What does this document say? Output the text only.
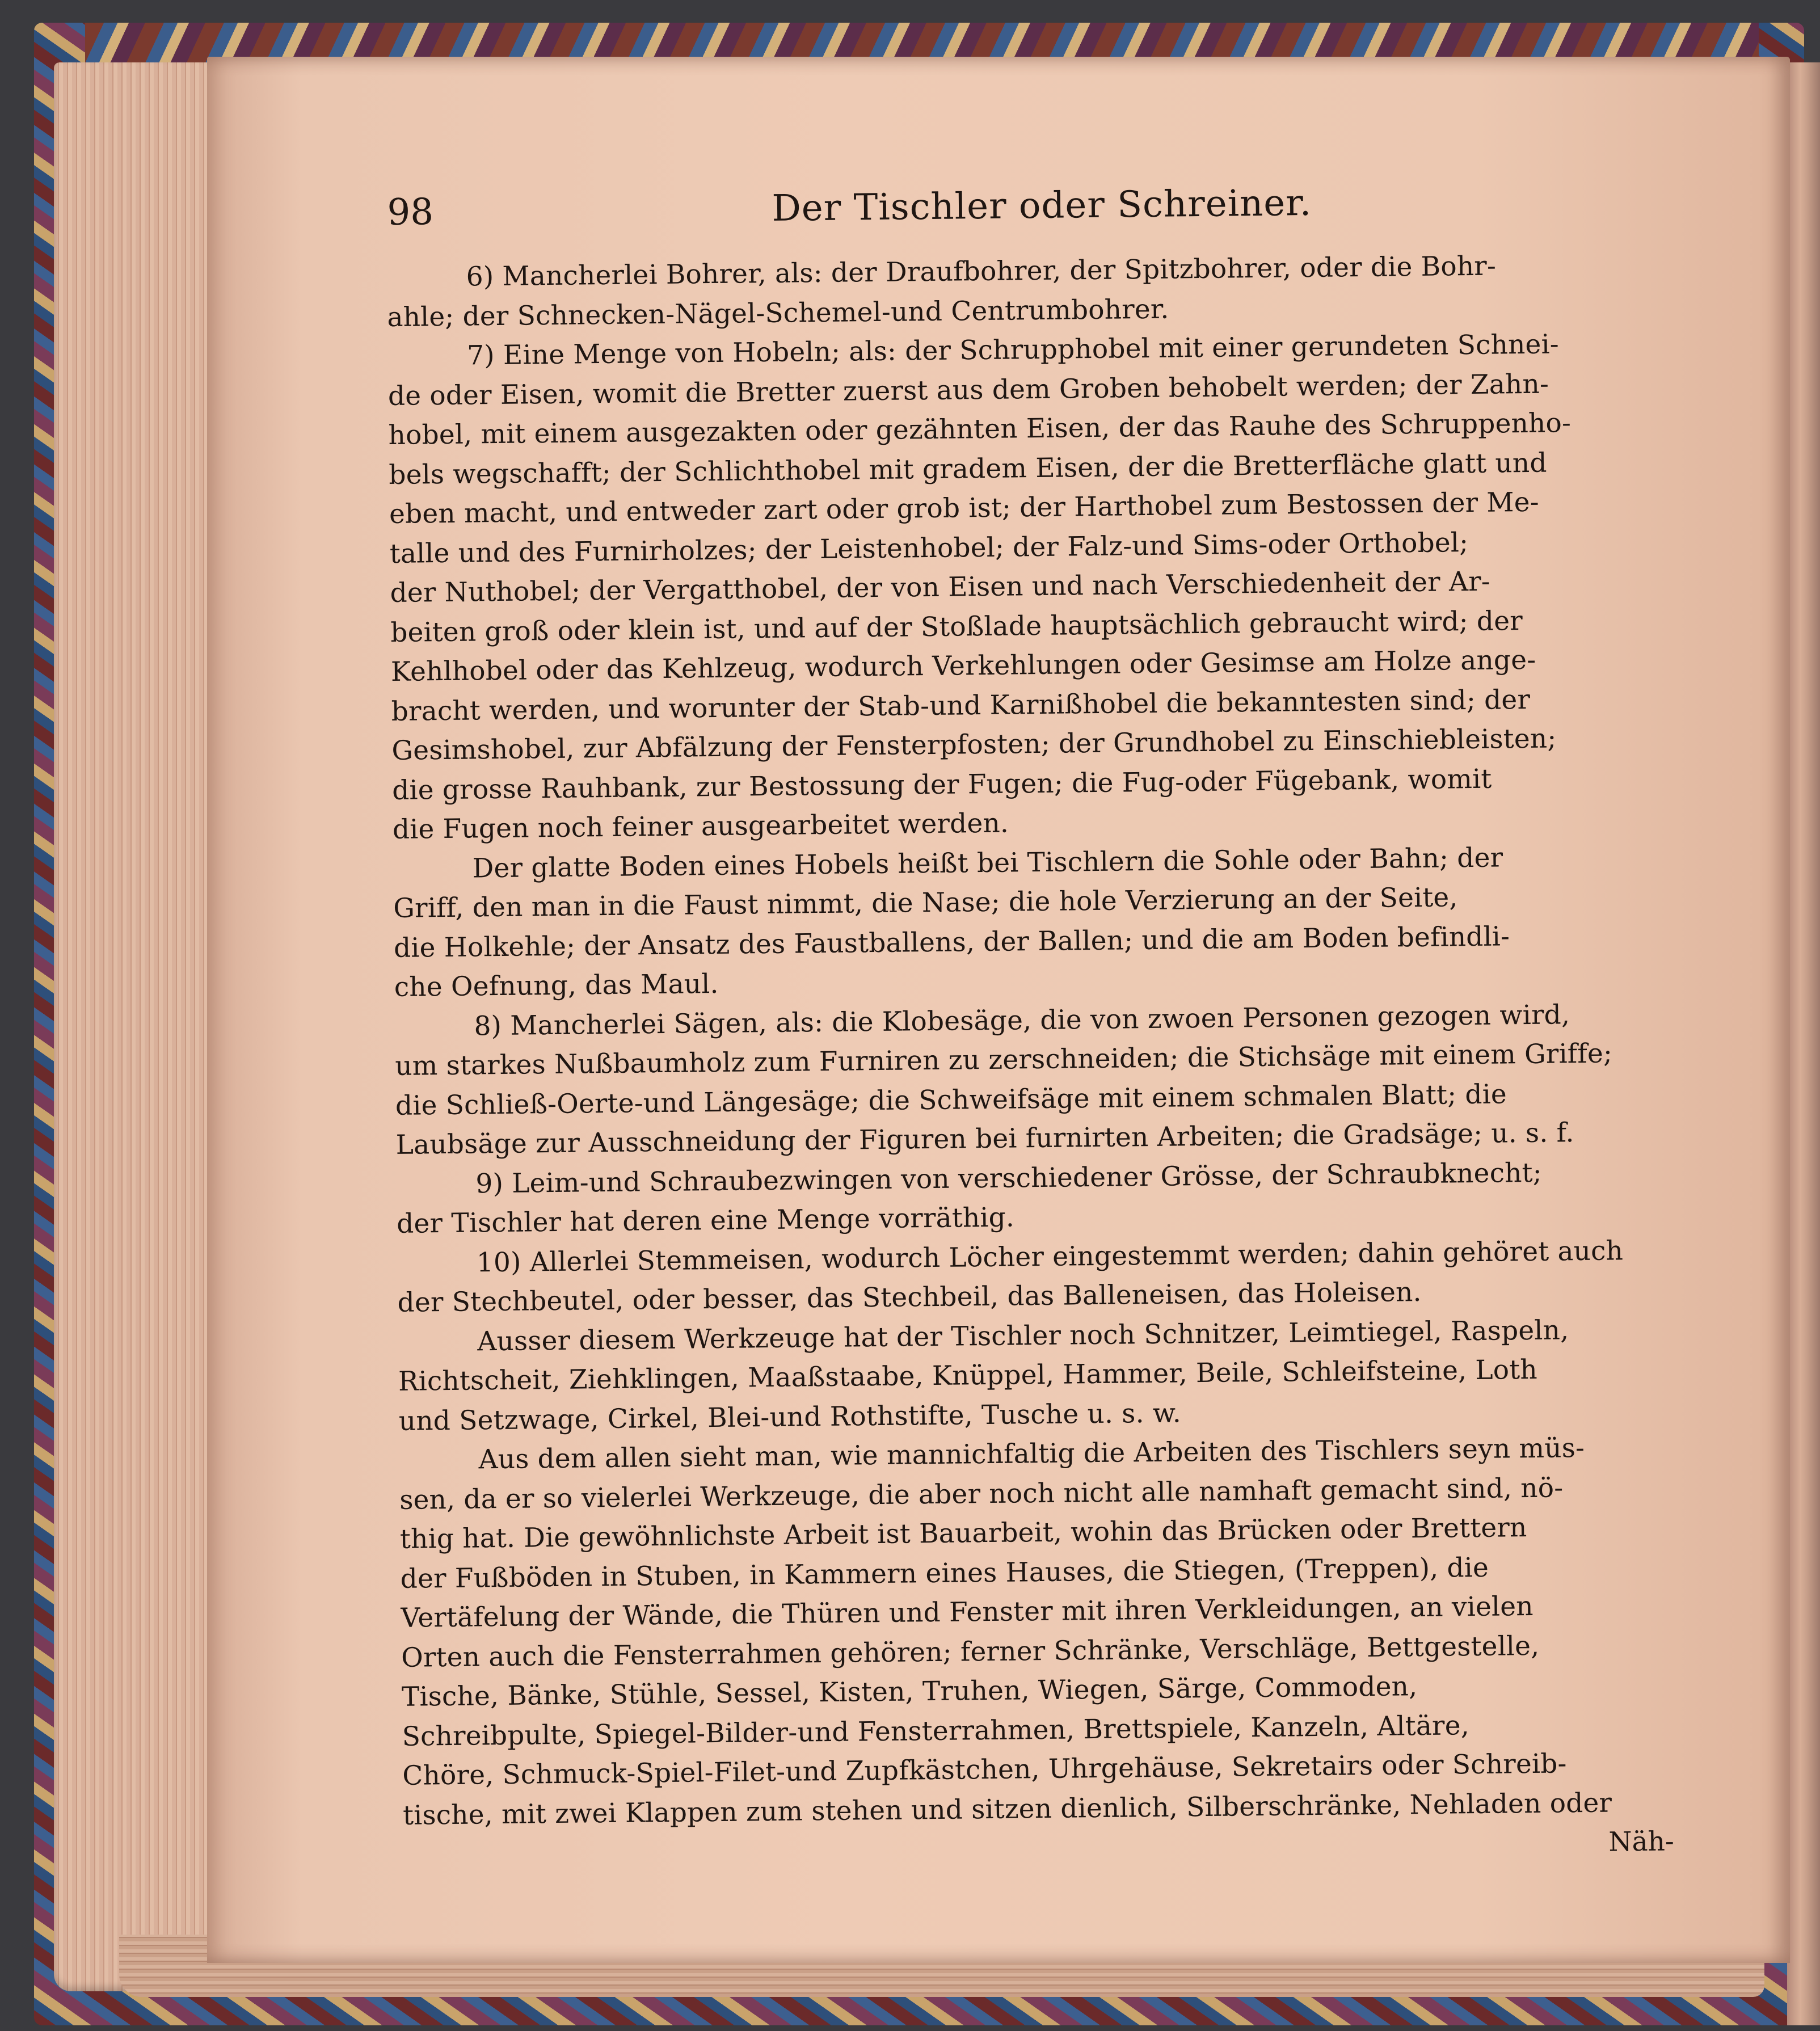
98	Der Tischler oder Schreiner.
6) Mancherlei Bohrer, als: der Draufbohrer, der Spitzbohrer, oder die Bohr-
ahle; der Schnecken-Nägel-Schemel-und Centrumbohrer.
7) Eine Menge von Hobeln; als: der Schrupphobel mit einer gerundeten Schnei-
de oder Eisen, womit die Bretter zuerst aus dem Groben behobelt werden; der Zahn-
hobel, mit einem ausgezakten oder gezähnten Eisen, der das Rauhe des Schruppenho-
bels wegschafft; der Schlichthobel mit gradem Eisen, der die Bretterfläche glatt und
eben macht, und entweder zart oder grob ist; der Harthobel zum Bestossen der Me-
talle und des Furnirholzes; der Leistenhobel; der Falz-und Sims-oder Orthobel;
der Nuthobel; der Vergatthobel, der von Eisen und nach Verschiedenheit der Ar-
beiten groß oder klein ist, und auf der Stoßlade hauptsächlich gebraucht wird; der
Kehlhobel oder das Kehlzeug, wodurch Verkehlungen oder Gesimse am Holze ange-
bracht werden, und worunter der Stab-und Karnißhobel die bekanntesten sind; der
Gesimshobel, zur Abfälzung der Fensterpfosten; der Grundhobel zu Einschiebleisten;
die grosse Rauhbank, zur Bestossung der Fugen; die Fug-oder Fügebank, womit
die Fugen noch feiner ausgearbeitet werden.
Der glatte Boden eines Hobels heißt bei Tischlern die Sohle oder Bahn; der
Griff, den man in die Faust nimmt, die Nase; die hole Verzierung an der Seite,
die Holkehle; der Ansatz des Faustballens, der Ballen; und die am Boden befindli-
che Oefnung, das Maul.
8) Mancherlei Sägen, als: die Klobesäge, die von zwoen Personen gezogen wird,
um starkes Nußbaumholz zum Furniren zu zerschneiden; die Stichsäge mit einem Griffe;
die Schließ-Oerte-und Längesäge; die Schweifsäge mit einem schmalen Blatt; die
Laubsäge zur Ausschneidung der Figuren bei furnirten Arbeiten; die Gradsäge; u. s. f.
9) Leim-und Schraubezwingen von verschiedener Grösse, der Schraubknecht;
der Tischler hat deren eine Menge vorräthig.
10) Allerlei Stemmeisen, wodurch Löcher eingestemmt werden; dahin gehöret auch
der Stechbeutel, oder besser, das Stechbeil, das Balleneisen, das Holeisen.
Ausser diesem Werkzeuge hat der Tischler noch Schnitzer, Leimtiegel, Raspeln,
Richtscheit, Ziehklingen, Maaßstaabe, Knüppel, Hammer, Beile, Schleifsteine, Loth
und Setzwage, Cirkel, Blei-und Rothstifte, Tusche u. s. w.
Aus dem allen sieht man, wie mannichfaltig die Arbeiten des Tischlers seyn müs-
sen, da er so vielerlei Werkzeuge, die aber noch nicht alle namhaft gemacht sind, nö-
thig hat. Die gewöhnlichste Arbeit ist Bauarbeit, wohin das Brücken oder Brettern
der Fußböden in Stuben, in Kammern eines Hauses, die Stiegen, (Treppen), die
Vertäfelung der Wände, die Thüren und Fenster mit ihren Verkleidungen, an vielen
Orten auch die Fensterrahmen gehören; ferner Schränke, Verschläge, Bettgestelle,
Tische, Bänke, Stühle, Sessel, Kisten, Truhen, Wiegen, Särge, Commoden,
Schreibpulte, Spiegel-Bilder-und Fensterrahmen, Brettspiele, Kanzeln, Altäre,
Chöre, Schmuck-Spiel-Filet-und Zupfkästchen, Uhrgehäuse, Sekretairs oder Schreib-
tische, mit zwei Klappen zum stehen und sitzen dienlich, Silberschränke, Nehladen oder
Näh-
